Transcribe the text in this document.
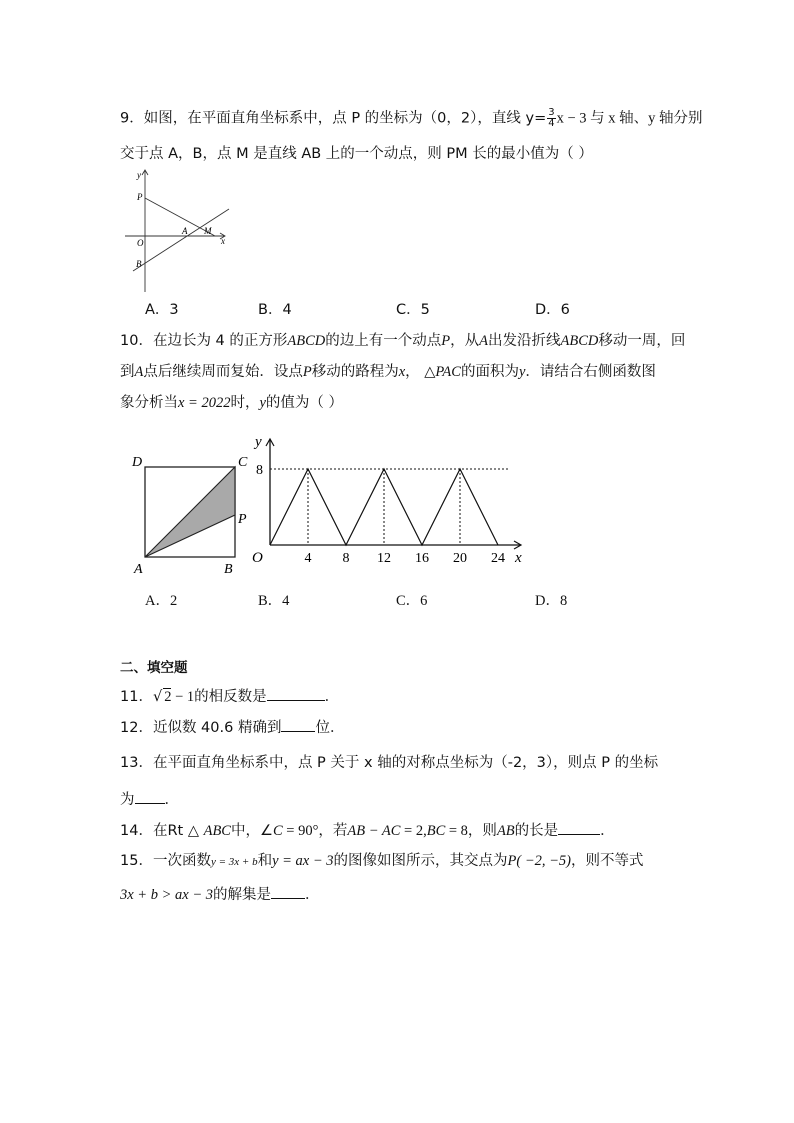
9．如图，在平面直角坐标系中，点 P 的坐标为（0，2），直线 $y= \frac{3}{4}$ x − 3 与 x 轴、y 轴分别
交于点 A，B，点 M 是直线 AB 上的一个动点，则 PM 长的最小值为（ ）
y
P
O
A M
x
B
A．3	B．4	C．5	D．6
10．在边长为 4 的正方形ABCD的边上有一个动点P，从A出发沿折线ABCD移动一周，回
到A点后继续周而复始．设点P移动的路程为x， △PAC的面积为y．请结合右侧函数图
象分析当x = 2022时，y的值为（ ）
D	C
P
A	B
4 8 12 16 20 24
O
y
x
8
A．2	B．4	C．6	D．8
二、填空题
11．√ 2 − 1的相反数是	．
12．近似数 40.6 精确到 位．
13．在平面直角坐标系中，点 P 关于 x 轴的对称点坐标为（-2，3），则点 P 的坐标
为 ．
14．在Rt △ ABC中，∠C = 90°，若AB − AC = 2,BC = 8，则AB的长是	．
15．一次函数y = 3x + b和y = ax − 3的图像如图所示，其交点为P( −2, −5)，则不等式
3x + b > ax − 3的解集是 ．
